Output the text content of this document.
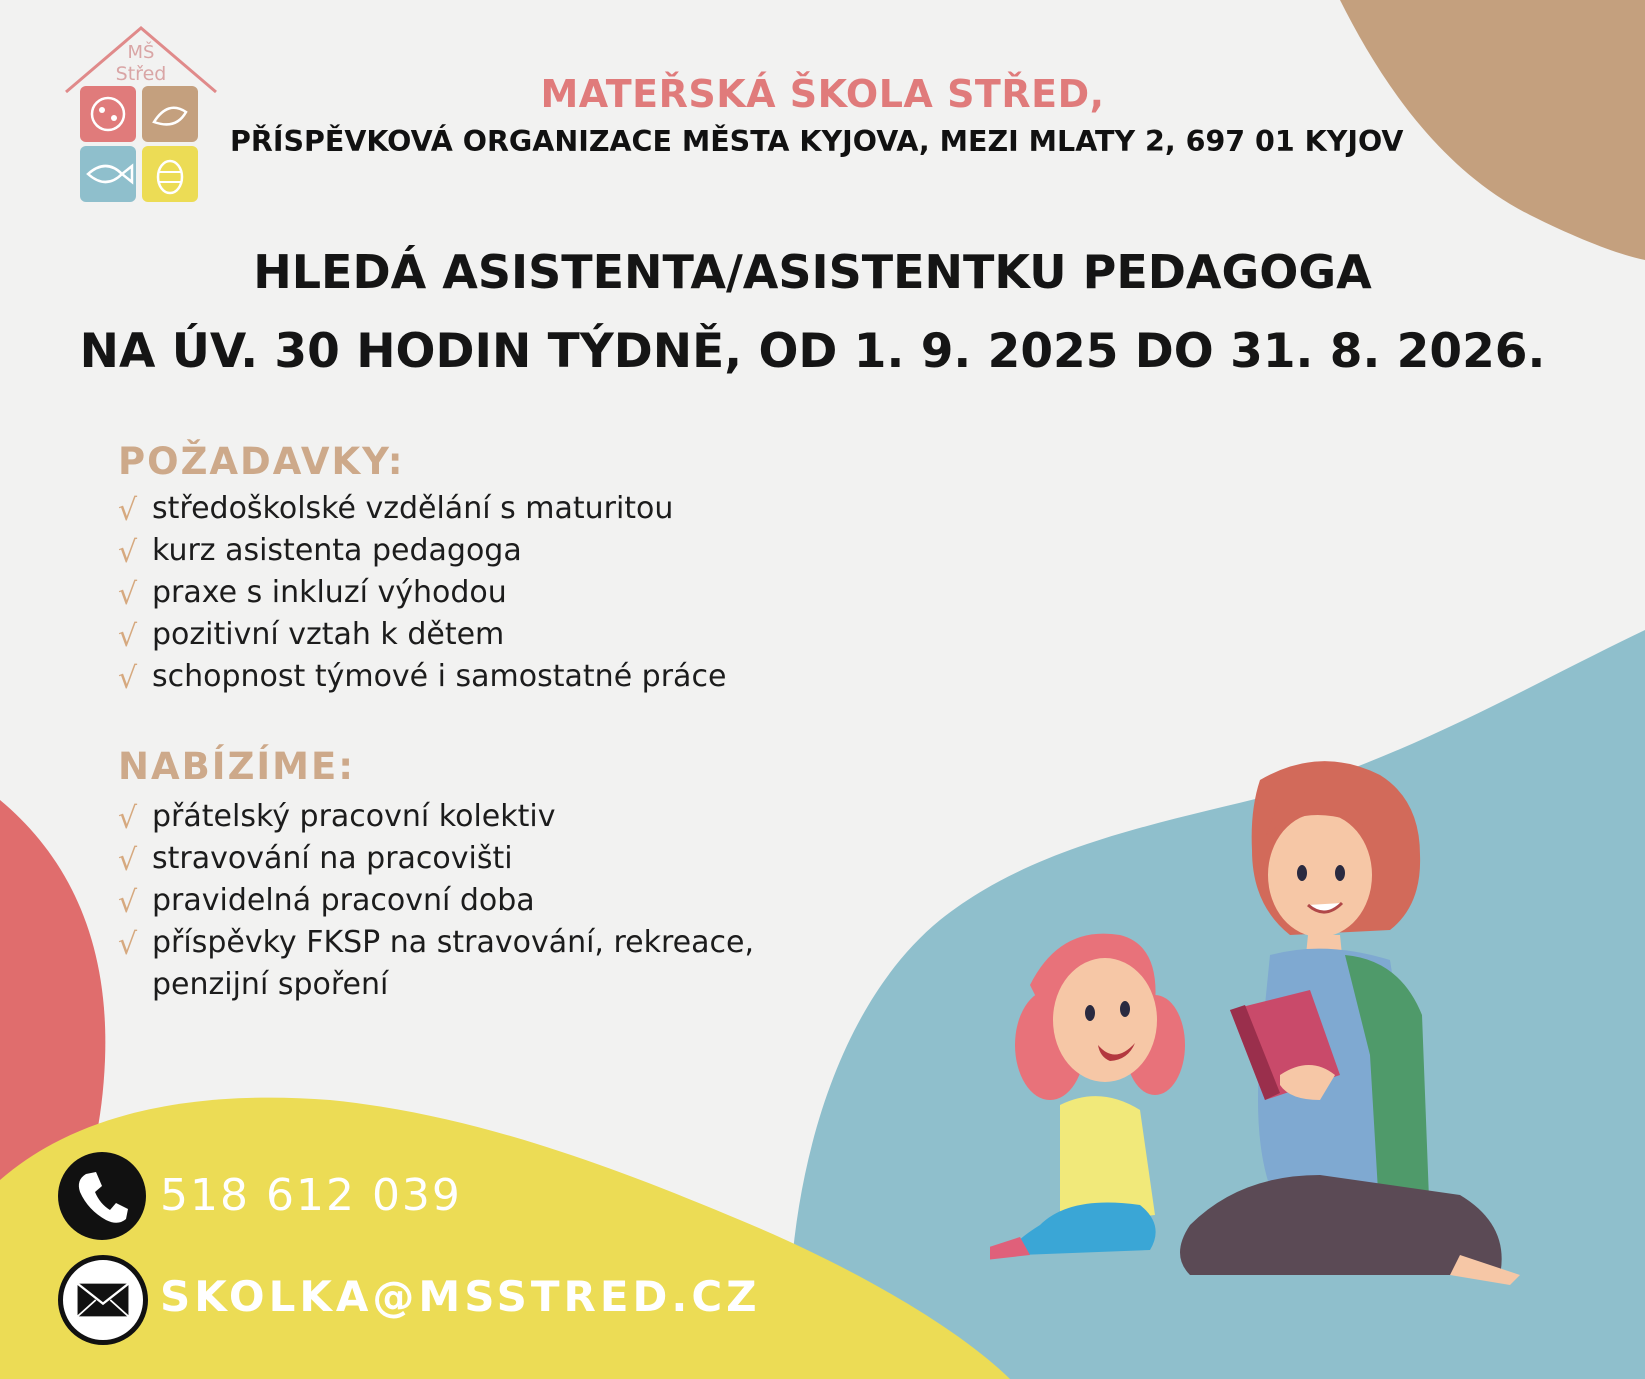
MŠ
Střed	MATEŘSKÁ ŠKOLA STŘED,
PŘÍSPĚVKOVÁ ORGANIZACE MĚSTA KYJOVA, MEZI MLATY 2, 697 01 KYJOV
HLEDÁ ASISTENTA/ASISTENTKU PEDAGOGA
NA ÚV. 30 HODIN TÝDNĚ, OD 1. 9. 2025 DO 31. 8. 2026.
POŽADAVKY:
√ středoškolské vzdělání s maturitou
√ kurz asistenta pedagoga
√ praxe s inkluzí výhodou
√ pozitivní vztah k dětem
√ schopnost týmové i samostatné práce
NABÍZÍME:
√ přátelský pracovní kolektiv
√ stravování na pracovišti
√ pravidelná pracovní doba
√ příspěvky FKSP na stravování, rekreace,
penzijní spoření
518 612 039
SKOLKA@MSSTRED.CZ
